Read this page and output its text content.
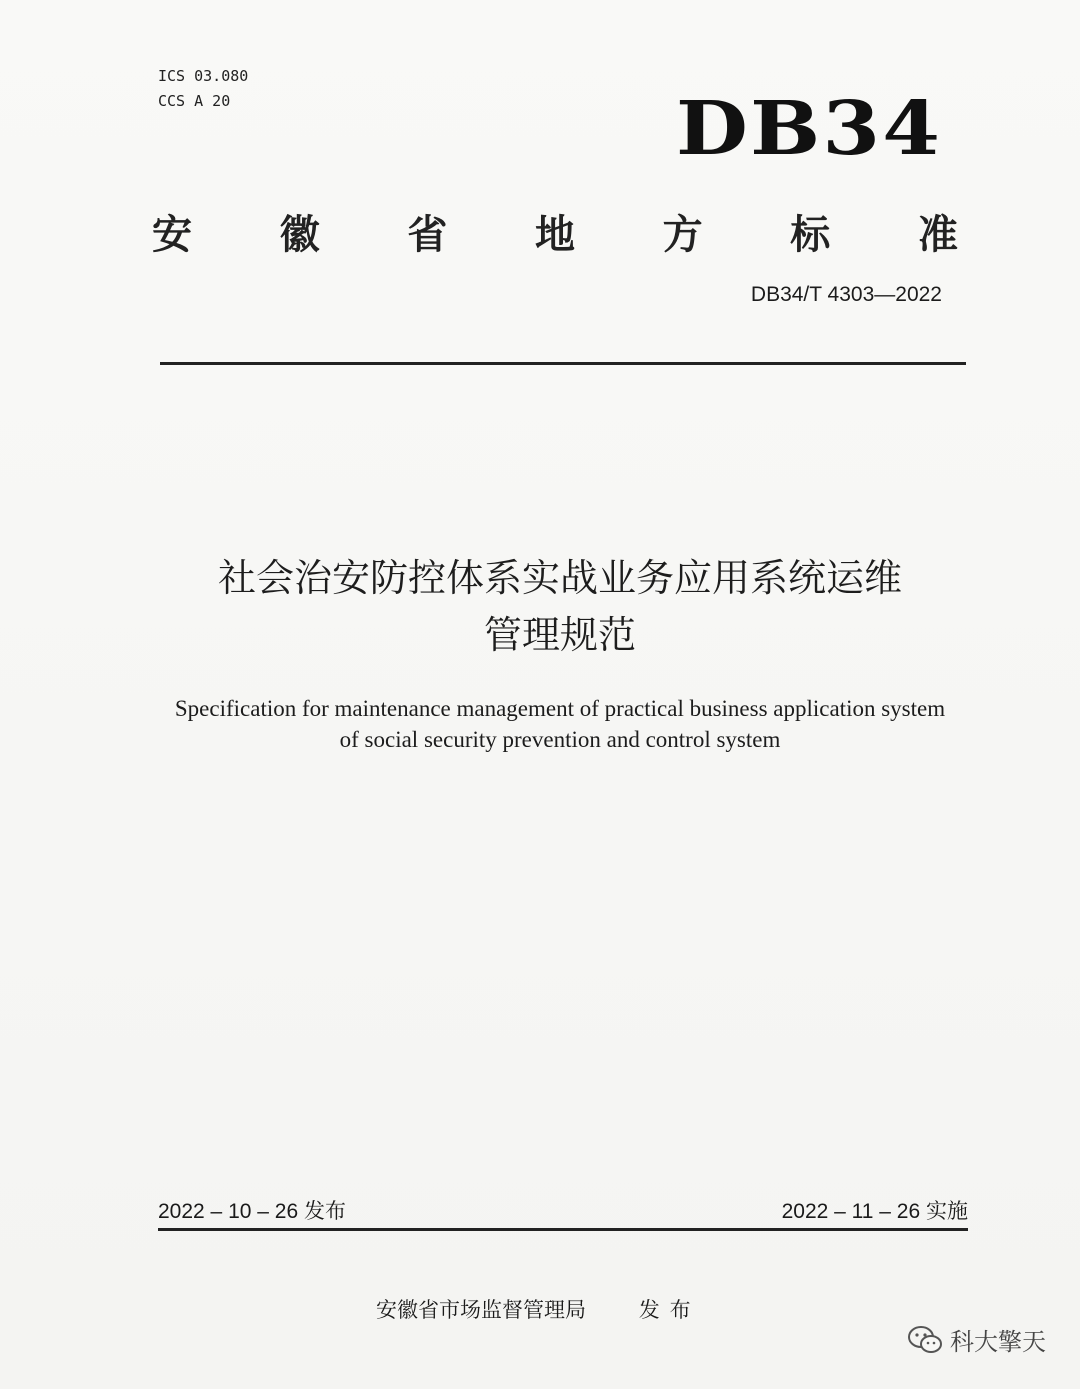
ICS 03.080
CCS A 20	DB34
安 徽 省 地 方 标 准
DB34/T 4303—2022
社会治安防控体系实战业务应用系统运维
管理规范
Specification for maintenance management of practical business application system
of social security prevention and control system
2022 – 10 – 26 发布	2022 – 11 – 26 实施
安徽省市场监督管理局	发布
科大擎天
